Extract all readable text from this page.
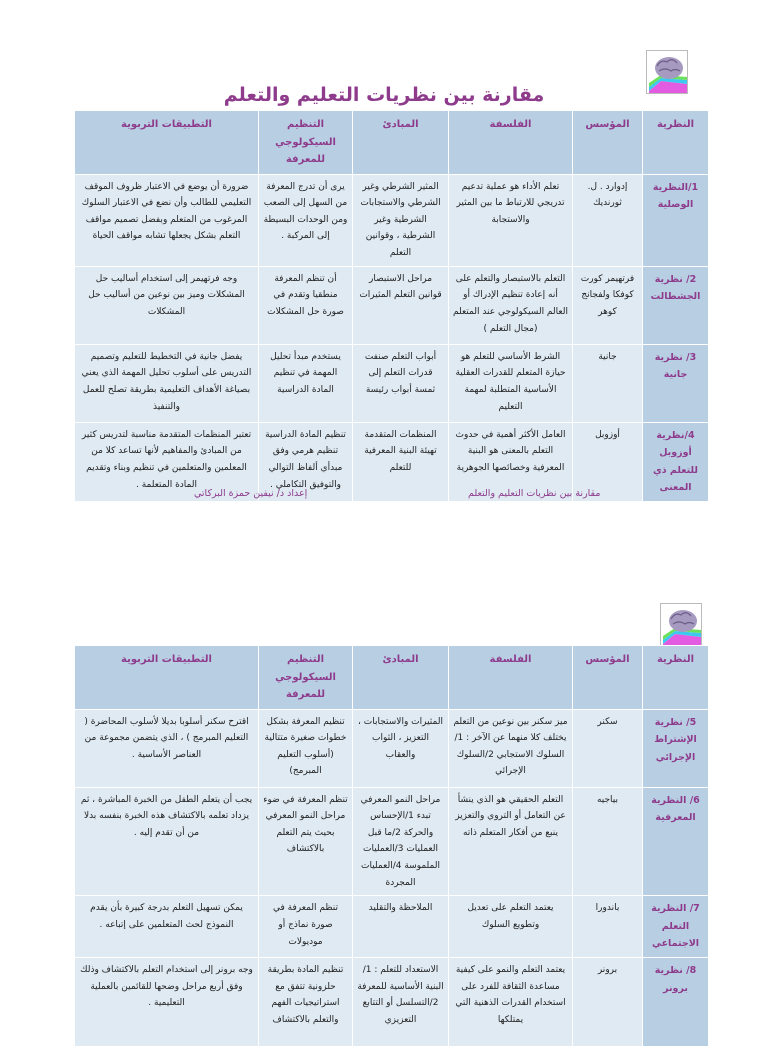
مقارنة بين نظريات التعليم والتعلم
النظرية	المؤسس	الفلسفة	المبادئ	التنظيم السيكولوجي للمعرفة	التطبيقات التربوية
1/النظرية الوصلية	إدوارد . ل. ثورنديك	تعلم الأداء هو عملية تدعيم تدريجي للارتباط ما بين المثير والاستجابة	المثير الشرطي وغير الشرطي والاستجابات الشرطية وغير الشرطية ، وقوانين التعلم	يرى أن تدرج المعرفة من السهل إلى الصعب ومن الوحدات البسيطة إلى المركبة .	ضرورة أن يوضع في الاعتبار ظروف الموقف التعليمي للطالب وأن نضع في الاعتبار السلوك المرغوب من المتعلم وبفضل تصميم مواقف التعلم بشكل يجعلها تشابه مواقف الحياة
2/ نظرية الجشطالت	فرتهيمر كورت كوفكا ولفجانج كوهر	التعلم بالاستبصار والتعلم على أنه إعادة تنظيم الإدراك أو العالم السيكولوجي عند المتعلم (مجال التعلم )	مراحل الاستبصار قوانين التعلم المثيرات	أن تنظم المعرفة منطقيا وتقدم في صورة حل المشكلات	وجه فرتهيمر إلى استخدام أساليب حل المشكلات وميز بين نوعين من أساليب حل المشكلات
3/ نظرية جانية	جانية	الشرط الأساسي للتعلم هو حيازة المتعلم للقدرات العقلية الأساسية المتطلبة لمهمة التعليم	أبواب التعلم صنفت قدرات التعلم إلى ثمسة أبواب رئيسة	يستخدم مبدأ تحليل المهمة في تنظيم المادة الدراسية	يفضل جانية في التخطيط للتعليم وتصميم التدريس على أسلوب تحليل المهمة الذي يعني بصياغة الأهداف التعليمية بطريقة تصلح للعمل والتنفيذ
4/نظرية أوزوبل للتعلم ذي المعنى	أوزوبل	العامل الأكثر أهمية في حدوث التعلم بالمعنى هو البنية المعرفية وخصائصها الجوهرية	المنظمات المتقدمة تهيئة البنية المعرفية للتعلم	تنظيم المادة الدراسية تنظيم هرمي وفق مبدأي ألفاظ التوالي والتوفيق التكاملي .	تعتبر المنظمات المتقدمة مناسبة لتدريس كثير من المبادئ والمفاهيم لأنها تساعد كلا من المعلمين والمتعلمين في تنظيم وبناء وتقديم المادة المتعلمة .
مقارنة بين نظريات التعليم والتعلم
إعداد د/ نيفين حمزة البركاتي
النظرية	المؤسس	الفلسفة	المبادئ	التنظيم السيكولوجي للمعرفة	التطبيقات التربوية
5/ نظرية الإشتراط الإجرائي	سكنر	ميز سكنر بين نوعين من التعلم يختلف كلا منهما عن الآخر : 1/السلوك الاستجابي 2/السلوك الإجرائي	المثيرات والاستجابات ، التعزيز ، الثواب والعقاب	تنظيم المعرفة بشكل خطوات صغيرة متتالية (أسلوب التعليم المبرمج)	اقترح سكنر أسلوبا بديلا لأسلوب المحاضرة ( التعليم المبرمج ) ، الذي يتضمن مجموعة من العناصر الأساسية .
6/ النظرية المعرفية	بياجيه	التعلم الحقيقي هو الذي ينشأ عن التعامل أو التروي والتعزيز ينبع من أفكار المتعلم ذاته	مراحل النمو المعرفي تبدء 1/الإحساس والحركة 2/ما قبل العمليات 3/العمليات الملموسة 4/العمليات المجردة	تنظم المعرفة في ضوء مراحل النمو المعرفي بحيث يتم التعلم بالاكتشاف	يجب أن يتعلم الطفل من الخبرة المباشرة ، ثم يزداد تعلمه بالاكتشاف هذه الخبرة بنفسه بدلا من أن تقدم إليه .
7/ النظرية التعلم الاجتماعي	باندورا	يعتمد التعلم على تعديل وتطويع السلوك	الملاحظة والتقليد	تنظم المعرفة في صورة نماذج أو موديولات	يمكن تسهيل التعلم بدرجة كبيرة بأن يقدم النموذج لحث المتعلمين على إتباعه .
8/ نظرية برونر	برونر	يعتمد التعلم والنمو على كيفية مساعدة الثقافة للفرد على استخدام القدرات الذهنية التي يمتلكها	الاستعداد للتعلم : 1/البنية الأساسية للمعرفة 2/التسلسل أو التتابع التعزيزي	تنظيم المادة بطريقة حلزونية تتفق مع استراتيجيات الفهم والتعلم بالاكتشاف	وجه برونر إلى استخدام التعلم بالاكتشاف وذلك وفق أربع مراحل وضحها للقائمين بالعملية التعليمية .
